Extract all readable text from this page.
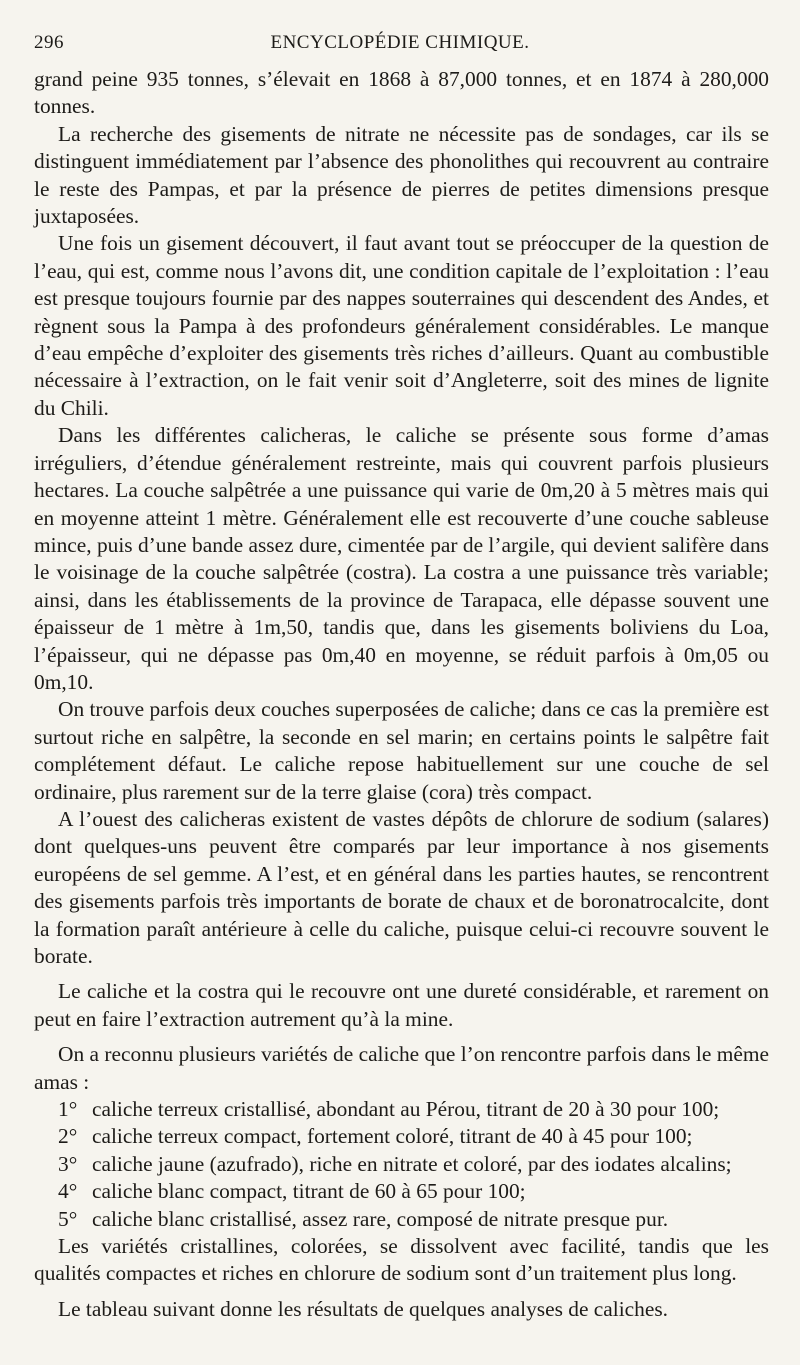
296	ENCYCLOPÉDIE CHIMIQUE.

grand peine 935 tonnes, s’élevait en 1868 à 87,000 tonnes, et en 1874 à 280,000 tonnes.

La recherche des gisements de nitrate ne nécessite pas de sondages, car ils se distinguent immédiatement par l’absence des phonolithes qui recouvrent au contraire le reste des Pampas, et par la présence de pierres de petites dimensions presque juxtaposées.

Une fois un gisement découvert, il faut avant tout se préoccuper de la question de l’eau, qui est, comme nous l’avons dit, une condition capitale de l’exploitation : l’eau est presque toujours fournie par des nappes souterraines qui descendent des Andes, et règnent sous la Pampa à des profondeurs généralement considérables. Le manque d’eau empêche d’exploiter des gisements très riches d’ailleurs. Quant au combustible nécessaire à l’extraction, on le fait venir soit d’Angleterre, soit des mines de lignite du Chili.

Dans les différentes calicheras, le caliche se présente sous forme d’amas irréguliers, d’étendue généralement restreinte, mais qui couvrent parfois plusieurs hectares. La couche salpêtrée a une puissance qui varie de 0m,20 à 5 mètres mais qui en moyenne atteint 1 mètre. Généralement elle est recouverte d’une couche sableuse mince, puis d’une bande assez dure, cimentée par de l’argile, qui devient salifère dans le voisinage de la couche salpêtrée (costra). La costra a une puissance très variable; ainsi, dans les établissements de la province de Tarapaca, elle dépasse souvent une épaisseur de 1 mètre à 1m,50, tandis que, dans les gisements boliviens du Loa, l’épaisseur, qui ne dépasse pas 0m,40 en moyenne, se réduit parfois à 0m,05 ou 0m,10.

On trouve parfois deux couches superposées de caliche; dans ce cas la première est surtout riche en salpêtre, la seconde en sel marin; en certains points le salpêtre fait complétement défaut. Le caliche repose habituellement sur une couche de sel ordinaire, plus rarement sur de la terre glaise (cora) très compact.

A l’ouest des calicheras existent de vastes dépôts de chlorure de sodium (salares) dont quelques-uns peuvent être comparés par leur importance à nos gisements européens de sel gemme. A l’est, et en général dans les parties hautes, se rencontrent des gisements parfois très importants de borate de chaux et de boronatrocalcite, dont la formation paraît antérieure à celle du caliche, puisque celui-ci recouvre souvent le borate.

Le caliche et la costra qui le recouvre ont une dureté considérable, et rarement on peut en faire l’extraction autrement qu’à la mine.

On a reconnu plusieurs variétés de caliche que l’on rencontre parfois dans le même amas :

1° caliche terreux cristallisé, abondant au Pérou, titrant de 20 à 30 pour 100;
2° caliche terreux compact, fortement coloré, titrant de 40 à 45 pour 100;
3° caliche jaune (azufrado), riche en nitrate et coloré, par des iodates alcalins;
4° caliche blanc compact, titrant de 60 à 65 pour 100;
5° caliche blanc cristallisé, assez rare, composé de nitrate presque pur.

Les variétés cristallines, colorées, se dissolvent avec facilité, tandis que les qualités compactes et riches en chlorure de sodium sont d’un traitement plus long.

Le tableau suivant donne les résultats de quelques analyses de caliches.
